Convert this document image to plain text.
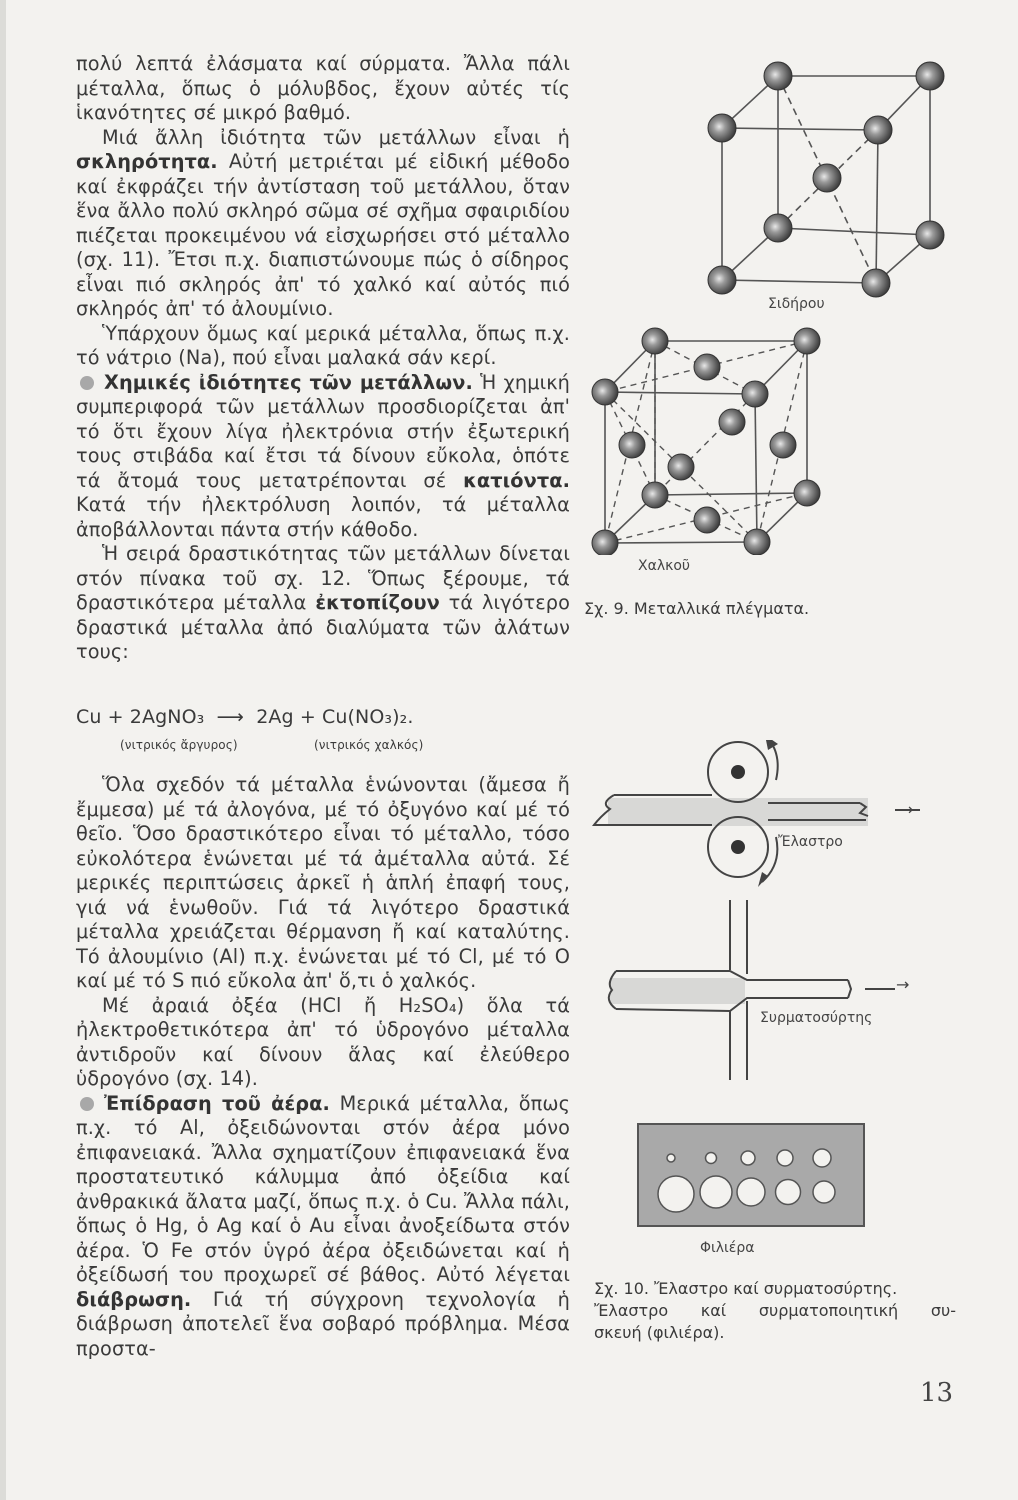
πολύ λεπτά ἐλάσματα καί σύρματα. Ἄλλα πάλι μέταλλα, ὅπως ὁ μόλυβδος, ἔχουν αὐτές τίς ἱκανότητες σέ μικρό βαθμό.

Μιά ἄλλη ἰδιότητα τῶν μετάλλων εἶναι ἡ σκληρότητα. Αὐτή μετριέται μέ εἰδική μέθοδο καί ἐκφράζει τήν ἀντίσταση τοῦ μετάλλου, ὅταν ἕνα ἄλλο πολύ σκληρό σῶμα σέ σχῆμα σφαιριδίου πιέζεται προκειμένου νά εἰσχωρήσει στό μέταλλο (σχ. 11). Ἔτσι π.χ. διαπιστώνουμε πώς ὁ σίδηρος εἶναι πιό σκληρός ἀπ' τό χαλκό καί αὐτός πιό σκληρός ἀπ' τό ἀλουμίνιο.

Ὑπάρχουν ὅμως καί μερικά μέταλλα, ὅπως π.χ. τό νάτριο (Na), πού εἶναι μαλακά σάν κερί.

Χημικές ἰδιότητες τῶν μετάλλων. Ἡ χημική συμπεριφορά τῶν μετάλλων προσδιορίζεται ἀπ' τό ὅτι ἔχουν λίγα ἠλεκτρόνια στήν ἐξωτερική τους στιβάδα καί ἔτσι τά δίνουν εὔκολα, ὁπότε τά ἄτομά τους μετατρέπονται σέ κατιόντα. Κατά τήν ἠλεκτρόλυση λοιπόν, τά μέταλλα ἀποβάλλονται πάντα στήν κάθοδο.

Ἡ σειρά δραστικότητας τῶν μετάλλων δίνεται στόν πίνακα τοῦ σχ. 12. Ὅπως ξέρουμε, τά δραστικότερα μέταλλα ἐκτοπίζουν τά λιγότερο δραστικά μέταλλα ἀπό διαλύματα τῶν ἀλάτων τους:

Cu + 2AgNO₃  ⟶  2Ag + Cu(NO₃)₂.

(νιτρικός ἄργυρος)	(νιτρικός χαλκός)

Ὅλα σχεδόν τά μέταλλα ἑνώνονται (ἄμεσα ἤ ἔμμεσα) μέ τά ἀλογόνα, μέ τό ὀξυγόνο καί μέ τό θεῖο. Ὅσο δραστικότερο εἶναι τό μέταλλο, τόσο εὐκολότερα ἑνώνεται μέ τά ἀμέταλλα αὐτά. Σέ μερικές περιπτώσεις ἀρκεῖ ἡ ἁπλή ἐπαφή τους, γιά νά ἑνωθοῦν. Γιά τά λιγότερο δραστικά μέταλλα χρειάζεται θέρμανση ἤ καί καταλύτης. Τό ἀλουμίνιο (Al) π.χ. ἑνώνεται μέ τό Cl, μέ τό O καί μέ τό S πιό εὔκολα ἀπ' ὅ,τι ὁ χαλκός.

Μέ ἀραιά ὀξέα (HCl ἤ H₂SO₄) ὅλα τά ἠλεκτροθετικότερα ἀπ' τό ὑδρογόνο μέταλλα ἀντιδροῦν καί δίνουν ἅλας καί ἐλεύθερο ὑδρογόνο (σχ. 14).

Ἐπίδραση τοῦ ἀέρα. Μερικά μέταλλα, ὅπως π.χ. τό Al, ὀξειδώνονται στόν ἀέρα μόνο ἐπιφανειακά. Ἄλλα σχηματίζουν ἐπιφανειακά ἕνα προστατευτικό κάλυμμα ἀπό ὀξείδια καί ἀνθρακικά ἄλατα μαζί, ὅπως π.χ. ὁ Cu. Ἄλλα πάλι, ὅπως ὁ Hg, ὁ Ag καί ὁ Au εἶναι ἀνοξείδωτα στόν ἀέρα. Ὁ Fe στόν ὑγρό ἀέρα ὀξειδώνεται καί ἡ ὀξείδωσή του προχωρεῖ σέ βάθος. Αὐτό λέγεται διάβρωση. Γιά τή σύγχρονη τεχνολογία ἡ διάβρωση ἀποτελεῖ ἕνα σοβαρό πρόβλημα. Μέσα προστα-

Σιδήρου
Χαλκοῦ
Σχ. 9. Μεταλλικά πλέγματα.
Ἔλαστρο
→
→
Συρματοσύρτης
Φιλιέρα
Σχ. 10. Ἔλαστρο καί συρματοσύρτης.
Ἔλαστρο καί συρματοποιητική συ-
σκευή (φιλιέρα).
13
